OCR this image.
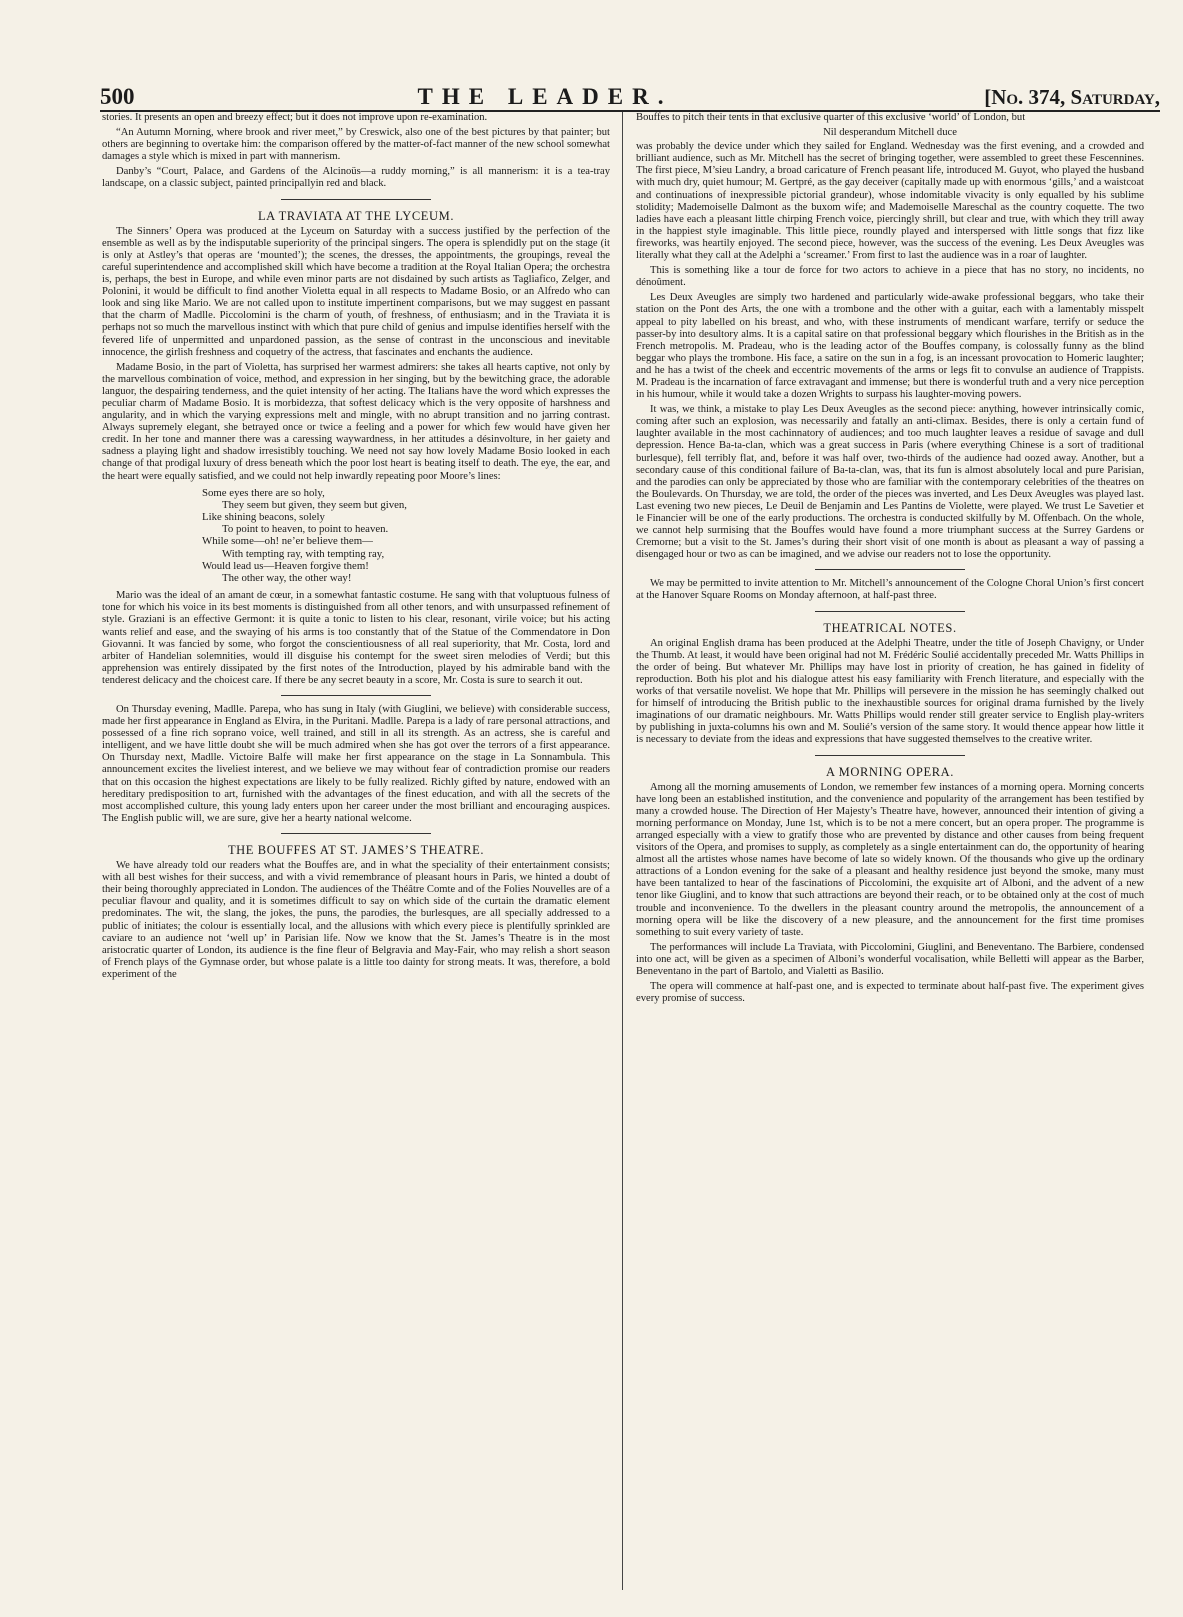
500	THE LEADER.	[No. 374, Saturday,

stories. It presents an open and breezy effect; but it does not improve upon re-examination.

“An Autumn Morning, where brook and river meet,” by Creswick, also one of the best pictures by that painter; but others are beginning to overtake him: the comparison offered by the matter-of-fact manner of the new school somewhat damages a style which is mixed in part with mannerism.

Danby’s “Court, Palace, and Gardens of the Alcinoüs—a ruddy morning,” is all mannerism: it is a tea-tray landscape, on a classic subject, painted principallyin red and black.

LA TRAVIATA AT THE LYCEUM.

The Sinners’ Opera was produced at the Lyceum on Saturday with a success justified by the perfection of the ensemble as well as by the indisputable superiority of the principal singers. The opera is splendidly put on the stage (it is only at Astley’s that operas are ‘mounted’); the scenes, the dresses, the appointments, the groupings, reveal the careful superintendence and accomplished skill which have become a tradition at the Royal Italian Opera; the orchestra is, perhaps, the best in Europe, and while even minor parts are not disdained by such artists as Tagliafico, Zelger, and Polonini, it would be difficult to find another Violetta equal in all respects to Madame Bosio, or an Alfredo who can look and sing like Mario. We are not called upon to institute impertinent comparisons, but we may suggest en passant that the charm of Madlle. Piccolomini is the charm of youth, of freshness, of enthusiasm; and in the Traviata it is perhaps not so much the marvellous instinct with which that pure child of genius and impulse identifies herself with the fevered life of unpermitted and unpardoned passion, as the sense of contrast in the unconscious and inevitable innocence, the girlish freshness and coquetry of the actress, that fascinates and enchants the audience.

Madame Bosio, in the part of Violetta, has surprised her warmest admirers: she takes all hearts captive, not only by the marvellous combination of voice, method, and expression in her singing, but by the bewitching grace, the adorable languor, the despairing tenderness, and the quiet intensity of her acting. The Italians have the word which expresses the peculiar charm of Madame Bosio. It is morbidezza, that softest delicacy which is the very opposite of harshness and angularity, and in which the varying expressions melt and mingle, with no abrupt transition and no jarring contrast. Always supremely elegant, she betrayed once or twice a feeling and a power for which few would have given her credit. In her tone and manner there was a caressing waywardness, in her attitudes a désinvolture, in her gaiety and sadness a playing light and shadow irresistibly touching. We need not say how lovely Madame Bosio looked in each change of that prodigal luxury of dress beneath which the poor lost heart is beating itself to death. The eye, the ear, and the heart were equally satisfied, and we could not help inwardly repeating poor Moore’s lines:

Some eyes there are so holy,
They seem but given, they seem but given,
Like shining beacons, solely
To point to heaven, to point to heaven.
While some—oh! ne’er believe them—
With tempting ray, with tempting ray,
Would lead us—Heaven forgive them!
The other way, the other way!

Mario was the ideal of an amant de cœur, in a somewhat fantastic costume. He sang with that voluptuous fulness of tone for which his voice in its best moments is distinguished from all other tenors, and with unsurpassed refinement of style. Graziani is an effective Germont: it is quite a tonic to listen to his clear, resonant, virile voice; but his acting wants relief and ease, and the swaying of his arms is too constantly that of the Statue of the Commendatore in Don Giovanni. It was fancied by some, who forgot the conscientiousness of all real superiority, that Mr. Costa, lord and arbiter of Handelian solemnities, would ill disguise his contempt for the sweet siren melodies of Verdi; but this apprehension was entirely dissipated by the first notes of the Introduction, played by his admirable band with the tenderest delicacy and the choicest care. If there be any secret beauty in a score, Mr. Costa is sure to search it out.

On Thursday evening, Madlle. Parepa, who has sung in Italy (with Giuglini, we believe) with considerable success, made her first appearance in England as Elvira, in the Puritani. Madlle. Parepa is a lady of rare personal attractions, and possessed of a fine rich soprano voice, well trained, and still in all its strength. As an actress, she is careful and intelligent, and we have little doubt she will be much admired when she has got over the terrors of a first appearance. On Thursday next, Madlle. Victoire Balfe will make her first appearance on the stage in La Sonnambula. This announcement excites the liveliest interest, and we believe we may without fear of contradiction promise our readers that on this occasion the highest expectations are likely to be fully realized. Richly gifted by nature, endowed with an hereditary predisposition to art, furnished with the advantages of the finest education, and with all the secrets of the most accomplished culture, this young lady enters upon her career under the most brilliant and encouraging auspices. The English public will, we are sure, give her a hearty national welcome.

THE BOUFFES AT ST. JAMES’S THEATRE.

We have already told our readers what the Bouffes are, and in what the speciality of their entertainment consists; with all best wishes for their success, and with a vivid remembrance of pleasant hours in Paris, we hinted a doubt of their being thoroughly appreciated in London. The audiences of the Théâtre Comte and of the Folies Nouvelles are of a peculiar flavour and quality, and it is sometimes difficult to say on which side of the curtain the dramatic element predominates. The wit, the slang, the jokes, the puns, the parodies, the burlesques, are all specially addressed to a public of initiates; the colour is essentially local, and the allusions with which every piece is plentifully sprinkled are caviare to an audience not ‘well up’ in Parisian life. Now we know that the St. James’s Theatre is in the most aristocratic quarter of London, its audience is the fine fleur of Belgravia and May-Fair, who may relish a short season of French plays of the Gymnase order, but whose palate is a little too dainty for strong meats. It was, therefore, a bold experiment of the

Bouffes to pitch their tents in that exclusive quarter of this exclusive ‘world’ of London, but

Nil desperandum Mitchell duce

was probably the device under which they sailed for England. Wednesday was the first evening, and a crowded and brilliant audience, such as Mr. Mitchell has the secret of bringing together, were assembled to greet these Fescennines. The first piece, M’sieu Landry, a broad caricature of French peasant life, introduced M. Guyot, who played the husband with much dry, quiet humour; M. Gertpré, as the gay deceiver (capitally made up with enormous ‘gills,’ and a waistcoat and continuations of inexpressible pictorial grandeur), whose indomitable vivacity is only equalled by his sublime stolidity; Mademoiselle Dalmont as the buxom wife; and Mademoiselle Mareschal as the country coquette. The two ladies have each a pleasant little chirping French voice, piercingly shrill, but clear and true, with which they trill away in the happiest style imaginable. This little piece, roundly played and interspersed with little songs that fizz like fireworks, was heartily enjoyed. The second piece, however, was the success of the evening. Les Deux Aveugles was literally what they call at the Adelphi a ‘screamer.’ From first to last the audience was in a roar of laughter.

This is something like a tour de force for two actors to achieve in a piece that has no story, no incidents, no dénoûment.

Les Deux Aveugles are simply two hardened and particularly wide-awake professional beggars, who take their station on the Pont des Arts, the one with a trombone and the other with a guitar, each with a lamentably misspelt appeal to pity labelled on his breast, and who, with these instruments of mendicant warfare, terrify or seduce the passer-by into desultory alms. It is a capital satire on that professional beggary which flourishes in the British as in the French metropolis. M. Pradeau, who is the leading actor of the Bouffes company, is colossally funny as the blind beggar who plays the trombone. His face, a satire on the sun in a fog, is an incessant provocation to Homeric laughter; and he has a twist of the cheek and eccentric movements of the arms or legs fit to convulse an audience of Trappists. M. Pradeau is the incarnation of farce extravagant and immense; but there is wonderful truth and a very nice perception in his humour, while it would take a dozen Wrights to surpass his laughter-moving powers.

It was, we think, a mistake to play Les Deux Aveugles as the second piece: anything, however intrinsically comic, coming after such an explosion, was necessarily and fatally an anti-climax. Besides, there is only a certain fund of laughter available in the most cachinnatory of audiences; and too much laughter leaves a residue of savage and dull depression. Hence Ba-ta-clan, which was a great success in Paris (where everything Chinese is a sort of traditional burlesque), fell terribly flat, and, before it was half over, two-thirds of the audience had oozed away. Another, but a secondary cause of this conditional failure of Ba-ta-clan, was, that its fun is almost absolutely local and pure Parisian, and the parodies can only be appreciated by those who are familiar with the contemporary celebrities of the theatres on the Boulevards. On Thursday, we are told, the order of the pieces was inverted, and Les Deux Aveugles was played last. Last evening two new pieces, Le Deuil de Benjamin and Les Pantins de Violette, were played. We trust Le Savetier et le Financier will be one of the early productions. The orchestra is conducted skilfully by M. Offenbach. On the whole, we cannot help surmising that the Bouffes would have found a more triumphant success at the Surrey Gardens or Cremorne; but a visit to the St. James’s during their short visit of one month is about as pleasant a way of passing a disengaged hour or two as can be imagined, and we advise our readers not to lose the opportunity.

We may be permitted to invite attention to Mr. Mitchell’s announcement of the Cologne Choral Union’s first concert at the Hanover Square Rooms on Monday afternoon, at half-past three.

THEATRICAL NOTES.

An original English drama has been produced at the Adelphi Theatre, under the title of Joseph Chavigny, or Under the Thumb. At least, it would have been original had not M. Frédéric Soulié accidentally preceded Mr. Watts Phillips in the order of being. But whatever Mr. Phillips may have lost in priority of creation, he has gained in fidelity of reproduction. Both his plot and his dialogue attest his easy familiarity with French literature, and especially with the works of that versatile novelist. We hope that Mr. Phillips will persevere in the mission he has seemingly chalked out for himself of introducing the British public to the inexhaustible sources for original drama furnished by the lively imaginations of our dramatic neighbours. Mr. Watts Phillips would render still greater service to English play-writers by publishing in juxta-columns his own and M. Soulié’s version of the same story. It would thence appear how little it is necessary to deviate from the ideas and expressions that have suggested themselves to the creative writer.

A MORNING OPERA.

Among all the morning amusements of London, we remember few instances of a morning opera. Morning concerts have long been an established institution, and the convenience and popularity of the arrangement has been testified by many a crowded house. The Direction of Her Majesty’s Theatre have, however, announced their intention of giving a morning performance on Monday, June 1st, which is to be not a mere concert, but an opera proper. The programme is arranged especially with a view to gratify those who are prevented by distance and other causes from being frequent visitors of the Opera, and promises to supply, as completely as a single entertainment can do, the opportunity of hearing almost all the artistes whose names have become of late so widely known. Of the thousands who give up the ordinary attractions of a London evening for the sake of a pleasant and healthy residence just beyond the smoke, many must have been tantalized to hear of the fascinations of Piccolomini, the exquisite art of Alboni, and the advent of a new tenor like Giuglini, and to know that such attractions are beyond their reach, or to be obtained only at the cost of much trouble and inconvenience. To the dwellers in the pleasant country around the metropolis, the announcement of a morning opera will be like the discovery of a new pleasure, and the announcement for the first time promises something to suit every variety of taste.

The performances will include La Traviata, with Piccolomini, Giuglini, and Beneventano. The Barbiere, condensed into one act, will be given as a specimen of Alboni’s wonderful vocalisation, while Belletti will appear as the Barber, Beneventano in the part of Bartolo, and Vialetti as Basilio.

The opera will commence at half-past one, and is expected to terminate about half-past five. The experiment gives every promise of success.
